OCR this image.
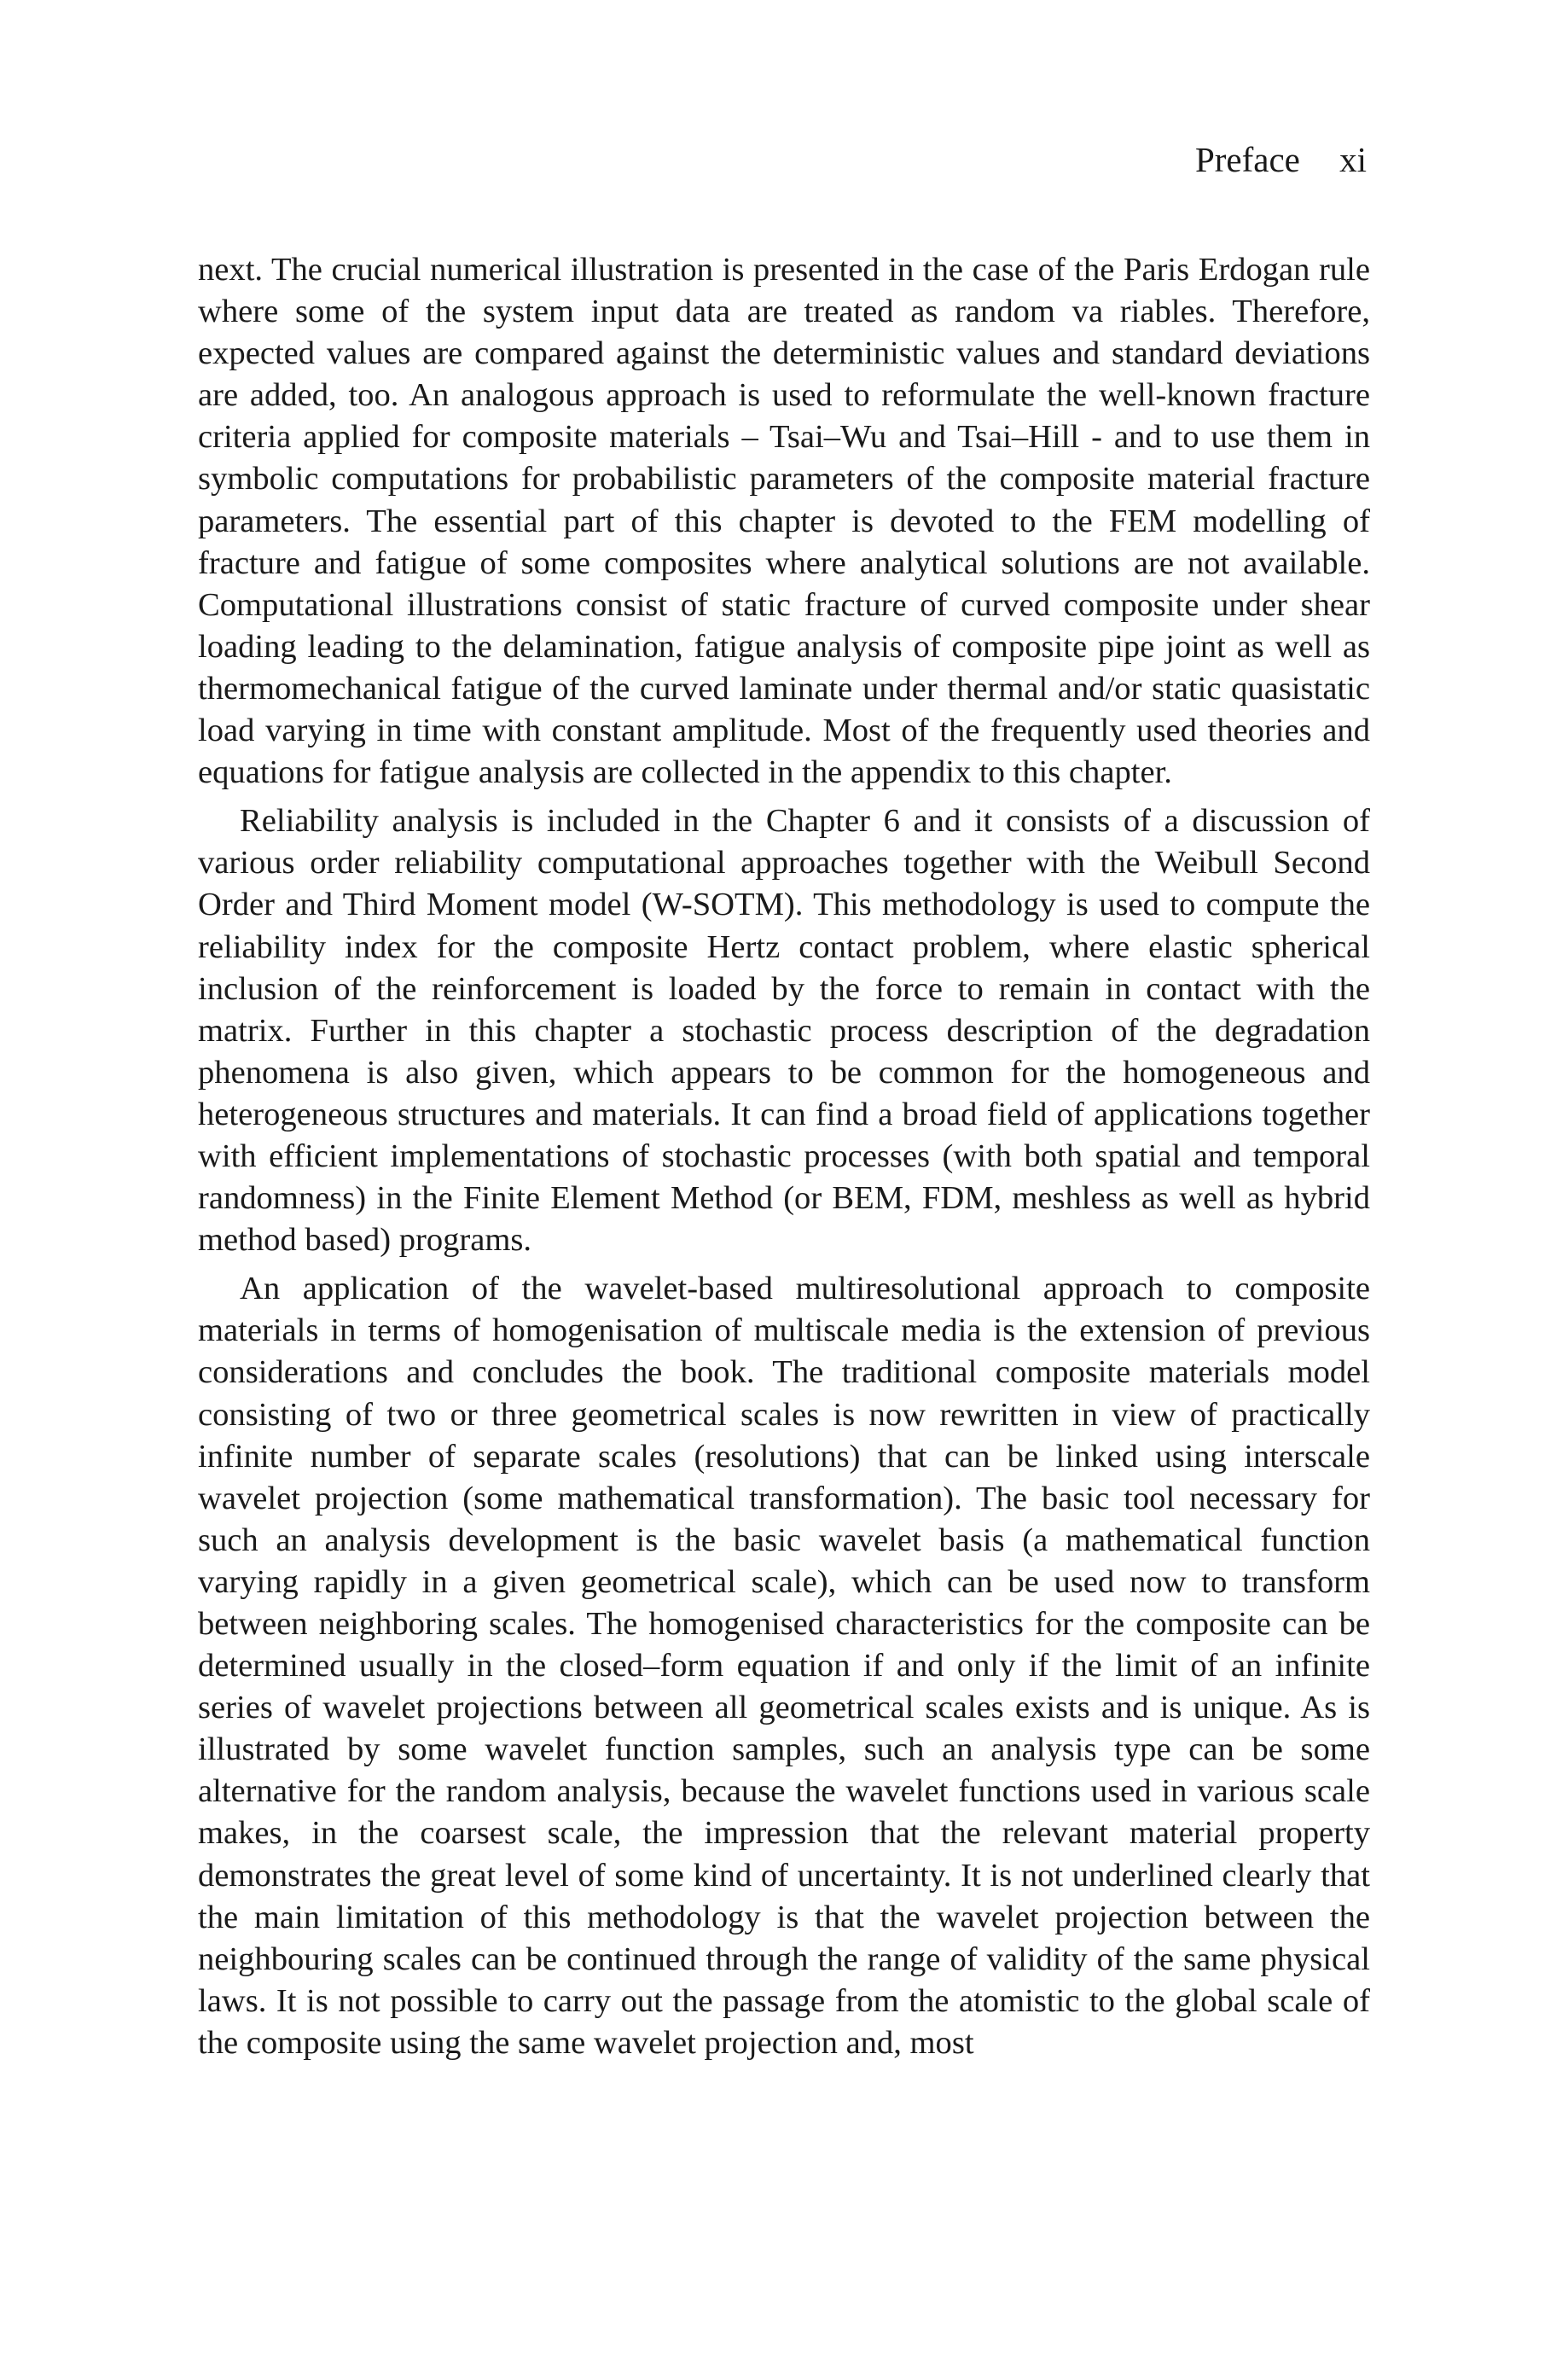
Preface xi

next. The crucial numerical illustration is presented in the case of the Paris Erdogan rule where some of the system input data are treated as random va riables. Therefore, expected values are compared against the deterministic values and standard deviations are added, too. An analogous approach is used to reformulate the well-known fracture criteria applied for composite materials – Tsai–Wu and Tsai–Hill - and to use them in symbolic computations for probabilistic parameters of the composite material fracture parameters. The essential part of this chapter is devoted to the FEM modelling of fracture and fatigue of some composites where analytical solutions are not available. Computational illustrations consist of static fracture of curved composite under shear loading leading to the delamination, fatigue analysis of composite pipe joint as well as thermomechanical fatigue of the curved laminate under thermal and/or static quasistatic load varying in time with constant amplitude. Most of the frequently used theories and equations for fatigue analysis are collected in the appendix to this chapter.

Reliability analysis is included in the Chapter 6 and it consists of a discussion of various order reliability computational approaches together with the Weibull Second Order and Third Moment model (W-SOTM). This methodology is used to compute the reliability index for the composite Hertz contact problem, where elastic spherical inclusion of the reinforcement is loaded by the force to remain in contact with the matrix. Further in this chapter a stochastic process description of the degradation phenomena is also given, which appears to be common for the homogeneous and heterogeneous structures and materials. It can find a broad field of applications together with efficient implementations of stochastic processes (with both spatial and temporal randomness) in the Finite Element Method (or BEM, FDM, meshless as well as hybrid method based) programs.

An application of the wavelet-based multiresolutional approach to composite materials in terms of homogenisation of multiscale media is the extension of previous considerations and concludes the book. The traditional composite materials model consisting of two or three geometrical scales is now rewritten in view of practically infinite number of separate scales (resolutions) that can be linked using interscale wavelet projection (some mathematical transformation). The basic tool necessary for such an analysis development is the basic wavelet basis (a mathematical function varying rapidly in a given geometrical scale), which can be used now to transform between neighboring scales. The homogenised characteristics for the composite can be determined usually in the closed–form equation if and only if the limit of an infinite series of wavelet projections between all geometrical scales exists and is unique. As is illustrated by some wavelet function samples, such an analysis type can be some alternative for the random analysis, because the wavelet functions used in various scale makes, in the coarsest scale, the impression that the relevant material property demonstrates the great level of some kind of uncertainty. It is not underlined clearly that the main limitation of this methodology is that the wavelet projection between the neighbouring scales can be continued through the range of validity of the same physical laws. It is not possible to carry out the passage from the atomistic to the global scale of the composite using the same wavelet projection and, most
